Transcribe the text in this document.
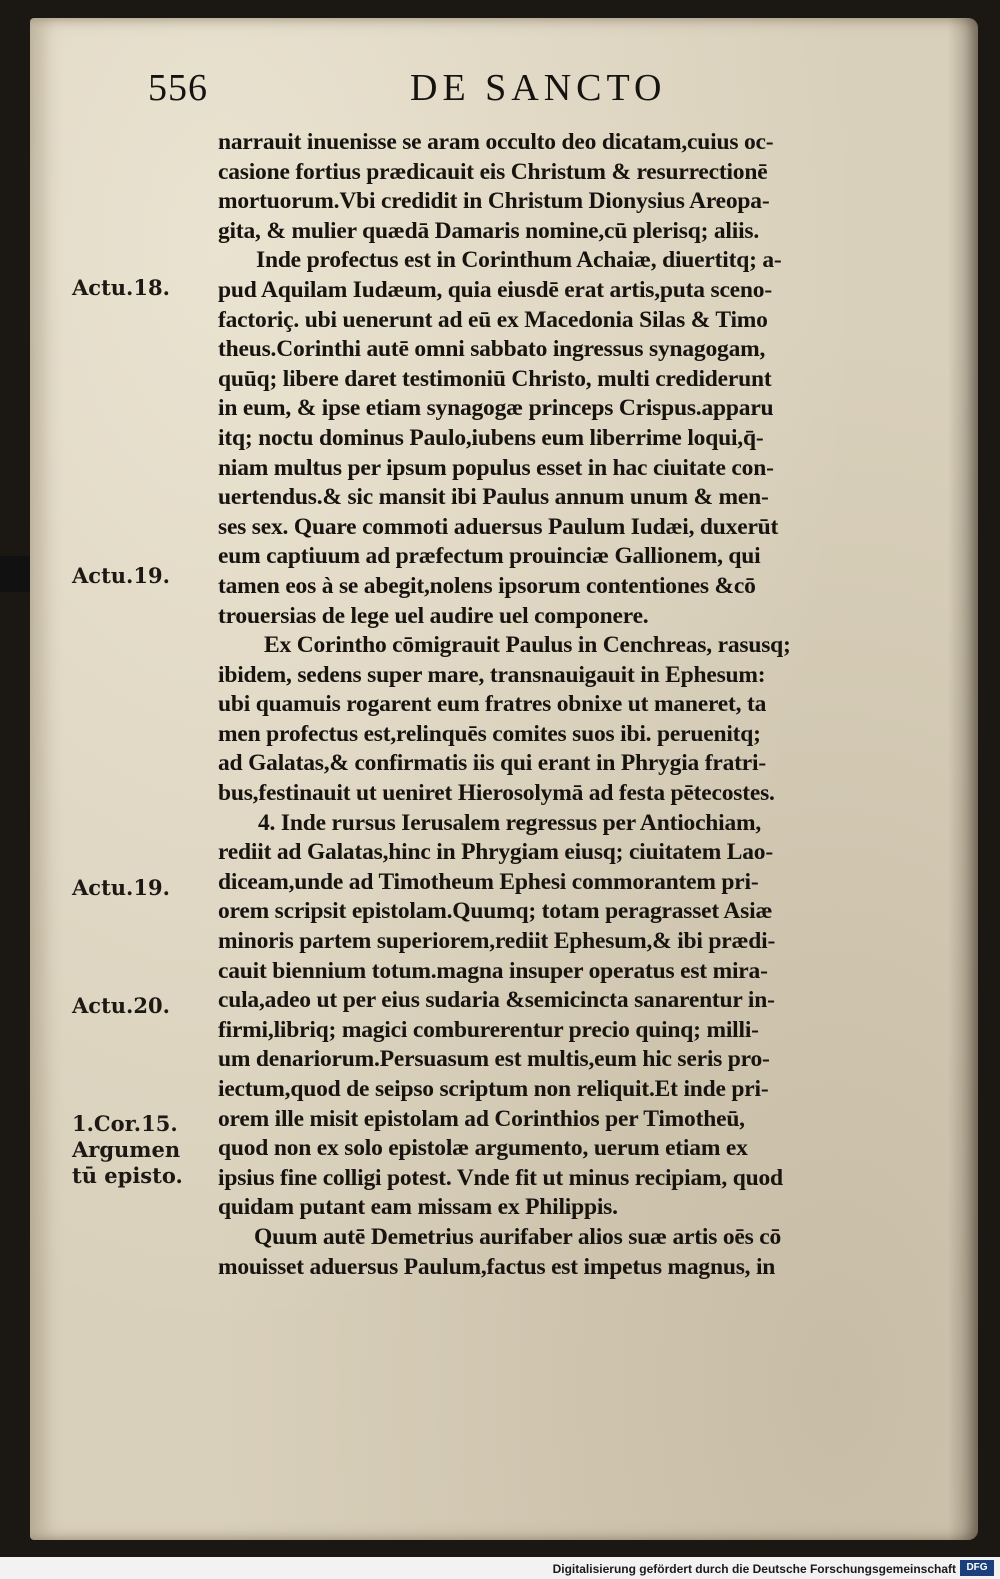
556	DE SANCTO
narrauit inuenisse se aram occulto deo dicatam,cuius oc-
casione fortius prædicauit eis Christum & resurrectionē
mortuorum.Vbi credidit in Christum Dionysius Areopa-
gita, & mulier quædā Damaris nomine,cū plerisq; aliis.
Inde profectus est in Corinthum Achaiæ, diuertitq; a-
pud Aquilam Iudæum, quia eiusdē erat artis,puta sceno-
factoriç. ubi uenerunt ad eū ex Macedonia Silas & Timo
theus.Corinthi autē omni sabbato ingressus synagogam,
quūq; libere daret testimoniū Christo, multi crediderunt
in eum, & ipse etiam synagogæ princeps Crispus.apparu
itq; noctu dominus Paulo,iubens eum liberrime loqui,q̄-
niam multus per ipsum populus esset in hac ciuitate con-
uertendus.& sic mansit ibi Paulus annum unum & men-
ses sex. Quare commoti aduersus Paulum Iudæi, duxerūt
eum captiuum ad præfectum prouinciæ Gallionem, qui
tamen eos à se abegit,nolens ipsorum contentiones &cō
trouersias de lege uel audire uel componere.
Ex Corintho cōmigrauit Paulus in Cenchreas, rasusq;
ibidem, sedens super mare, transnauigauit in Ephesum:
ubi quamuis rogarent eum fratres obnixe ut maneret, ta
men profectus est,relinquēs comites suos ibi. peruenitq;
ad Galatas,& confirmatis iis qui erant in Phrygia fratri-
bus,festinauit ut ueniret Hierosolymā ad festa pētecostes.
4. Inde rursus Ierusalem regressus per Antiochiam,
rediit ad Galatas,hinc in Phrygiam eiusq; ciuitatem Lao-
diceam,unde ad Timotheum Ephesi commorantem pri-
orem scripsit epistolam.Quumq; totam peragrasset Asiæ
minoris partem superiorem,rediit Ephesum,& ibi prædi-
cauit biennium totum.magna insuper operatus est mira-
cula,adeo ut per eius sudaria &semicincta sanarentur in-
firmi,libriq; magici comburerentur precio quinq; milli-
um denariorum.Persuasum est multis,eum hic seris pro-
iectum,quod de seipso scriptum non reliquit.Et inde pri-
orem ille misit epistolam ad Corinthios per Timotheū,
quod non ex solo epistolæ argumento, uerum etiam ex
ipsius fine colligi potest. Vnde fit ut minus recipiam, quod
quidam putant eam missam ex Philippis.
Quum autē Demetrius aurifaber alios suæ artis oēs cō
mouisset aduersus Paulum,factus est impetus magnus, in
Actu.18.
Actu.19.
Actu.19.
Actu.20.
1.Cor.15.
Argumen
tū episto.
Digitalisierung gefördert durch die Deutsche Forschungsgemeinschaft	DFG
